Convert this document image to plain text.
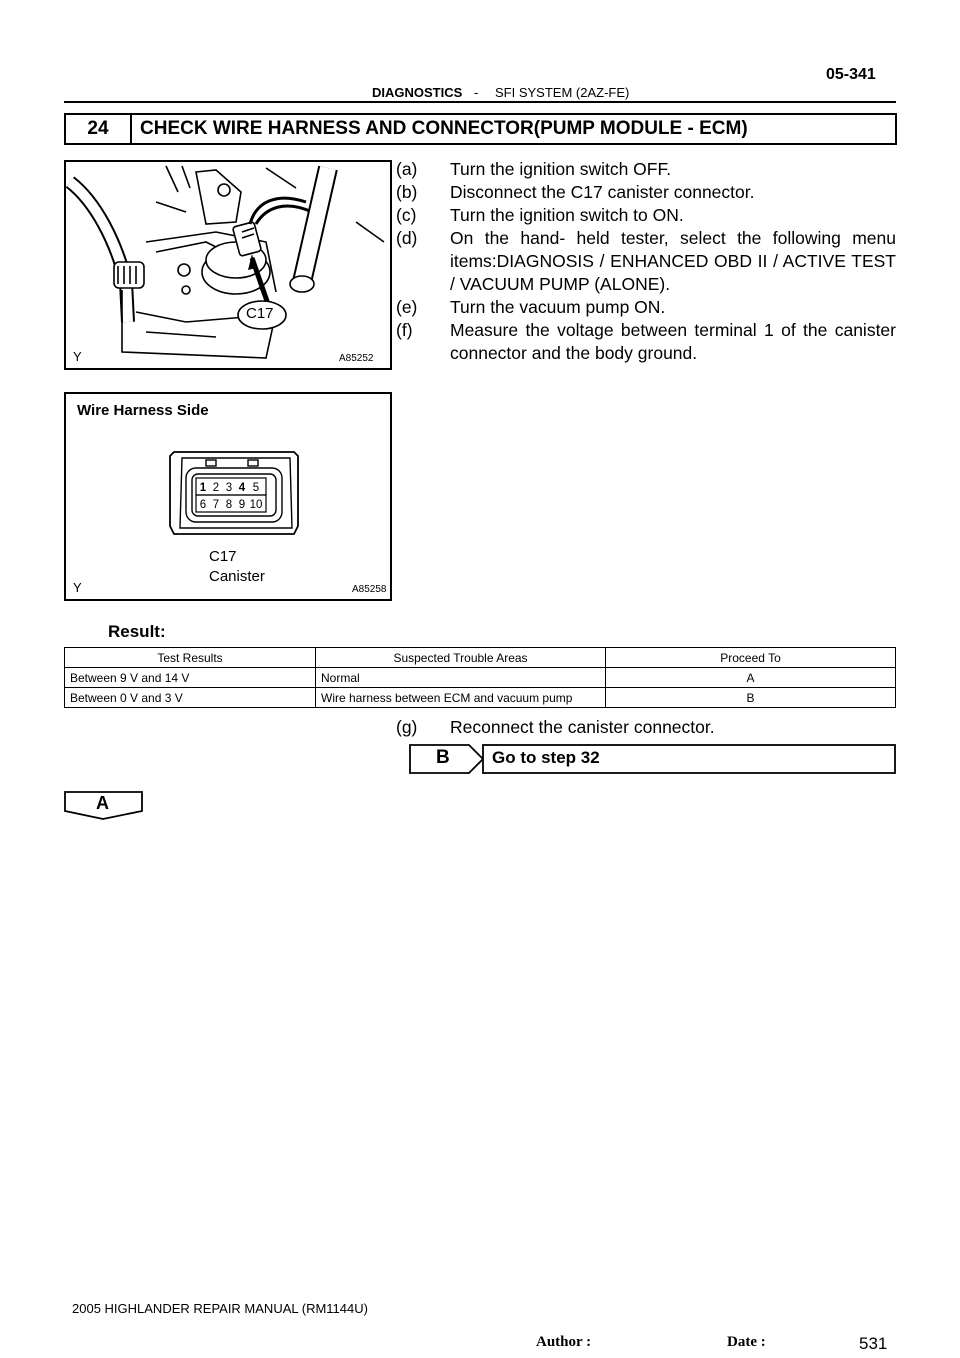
05-341
DIAGNOSTICS - SFI SYSTEM (2AZ-FE)
24	CHECK WIRE HARNESS AND CONNECTOR(PUMP MODULE - ECM)
C17
Y	A85252
Wire Harness Side
1 2 3 4 5
6 7 8 9 10
C17
Canister
Y	A85258
(a) Turn the ignition switch OFF.
(b) Disconnect the C17 canister connector.
(c) Turn the ignition switch to ON.
(d) On the hand- held tester, select the following menu items:DIAGNOSIS / ENHANCED OBD II / ACTIVE TEST / VACUUM PUMP (ALONE).
(e) Turn the vacuum pump ON.
(f) Measure the voltage between terminal 1 of the canister connector and the body ground.
Result:
Test Results	Suspected Trouble Areas	Proceed To
Between 9 V and 14 V	Normal	A
Between 0 V and 3 V	Wire harness between ECM and vacuum pump	B
(g) Reconnect the canister connector.
B Go to step 32
A
2005 HIGHLANDER REPAIR MANUAL (RM1144U)
Author :	Date :	531
